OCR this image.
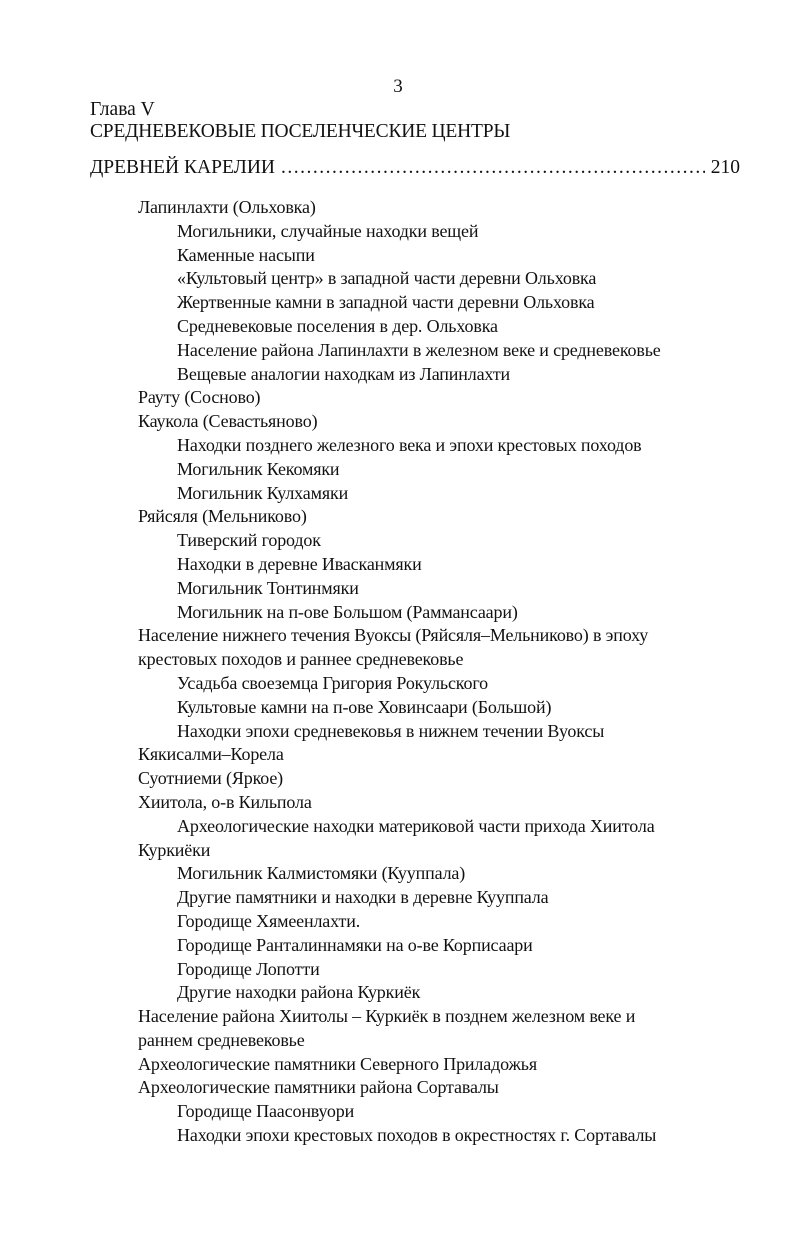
3
Глава V
СРЕДНЕВЕКОВЫЕ ПОСЕЛЕНЧЕСКИЕ ЦЕНТРЫ
ДРЕВНЕЙ КАРЕЛИИ
.....	210
Лапинлахти (Ольховка)
Могильники, случайные находки вещей
Каменные насыпи
«Культовый центр» в западной части деревни Ольховка
Жертвенные камни в западной части деревни Ольховка
Средневековые поселения в дер. Ольховка
Население района Лапинлахти в железном веке и средневековье
Вещевые аналогии находкам из Лапинлахти
Рауту (Сосново)
Каукола (Севастьяново)
Находки позднего железного века и эпохи крестовых походов
Могильник Кекомяки
Могильник Кулхамяки
Ряйсяля (Мельниково)
Тиверский городок
Находки в деревне Ивасканмяки
Могильник Тонтинмяки
Могильник на п-ове Большом (Раммансаари)
Население нижнего течения Вуоксы (Ряйсяля–Мельниково) в эпоху
крестовых походов и раннее средневековье
Усадьба своеземца Григория Рокульского
Культовые камни на п-ове Ховинсаари (Большой)
Находки эпохи средневековья в нижнем течении Вуоксы
Кякисалми–Корела
Суотниеми (Яркое)
Хиитола, о-в Кильпола
Археологические находки материковой части прихода Хиитола
Куркиёки
Могильник Калмистомяки (Кууппала)
Другие памятники и находки в деревне Кууппала
Городище Хямеенлахти.
Городище Ранталиннамяки на о-ве Корписаари
Городище Лопотти
Другие находки района Куркиёк
Население района Хиитолы – Куркиёк в позднем железном веке и
раннем средневековье
Археологические памятники Северного Приладожья
Археологические памятники района Сортавалы
Городище Паасонвуори
Находки эпохи крестовых походов в окрестностях г. Сортавалы
